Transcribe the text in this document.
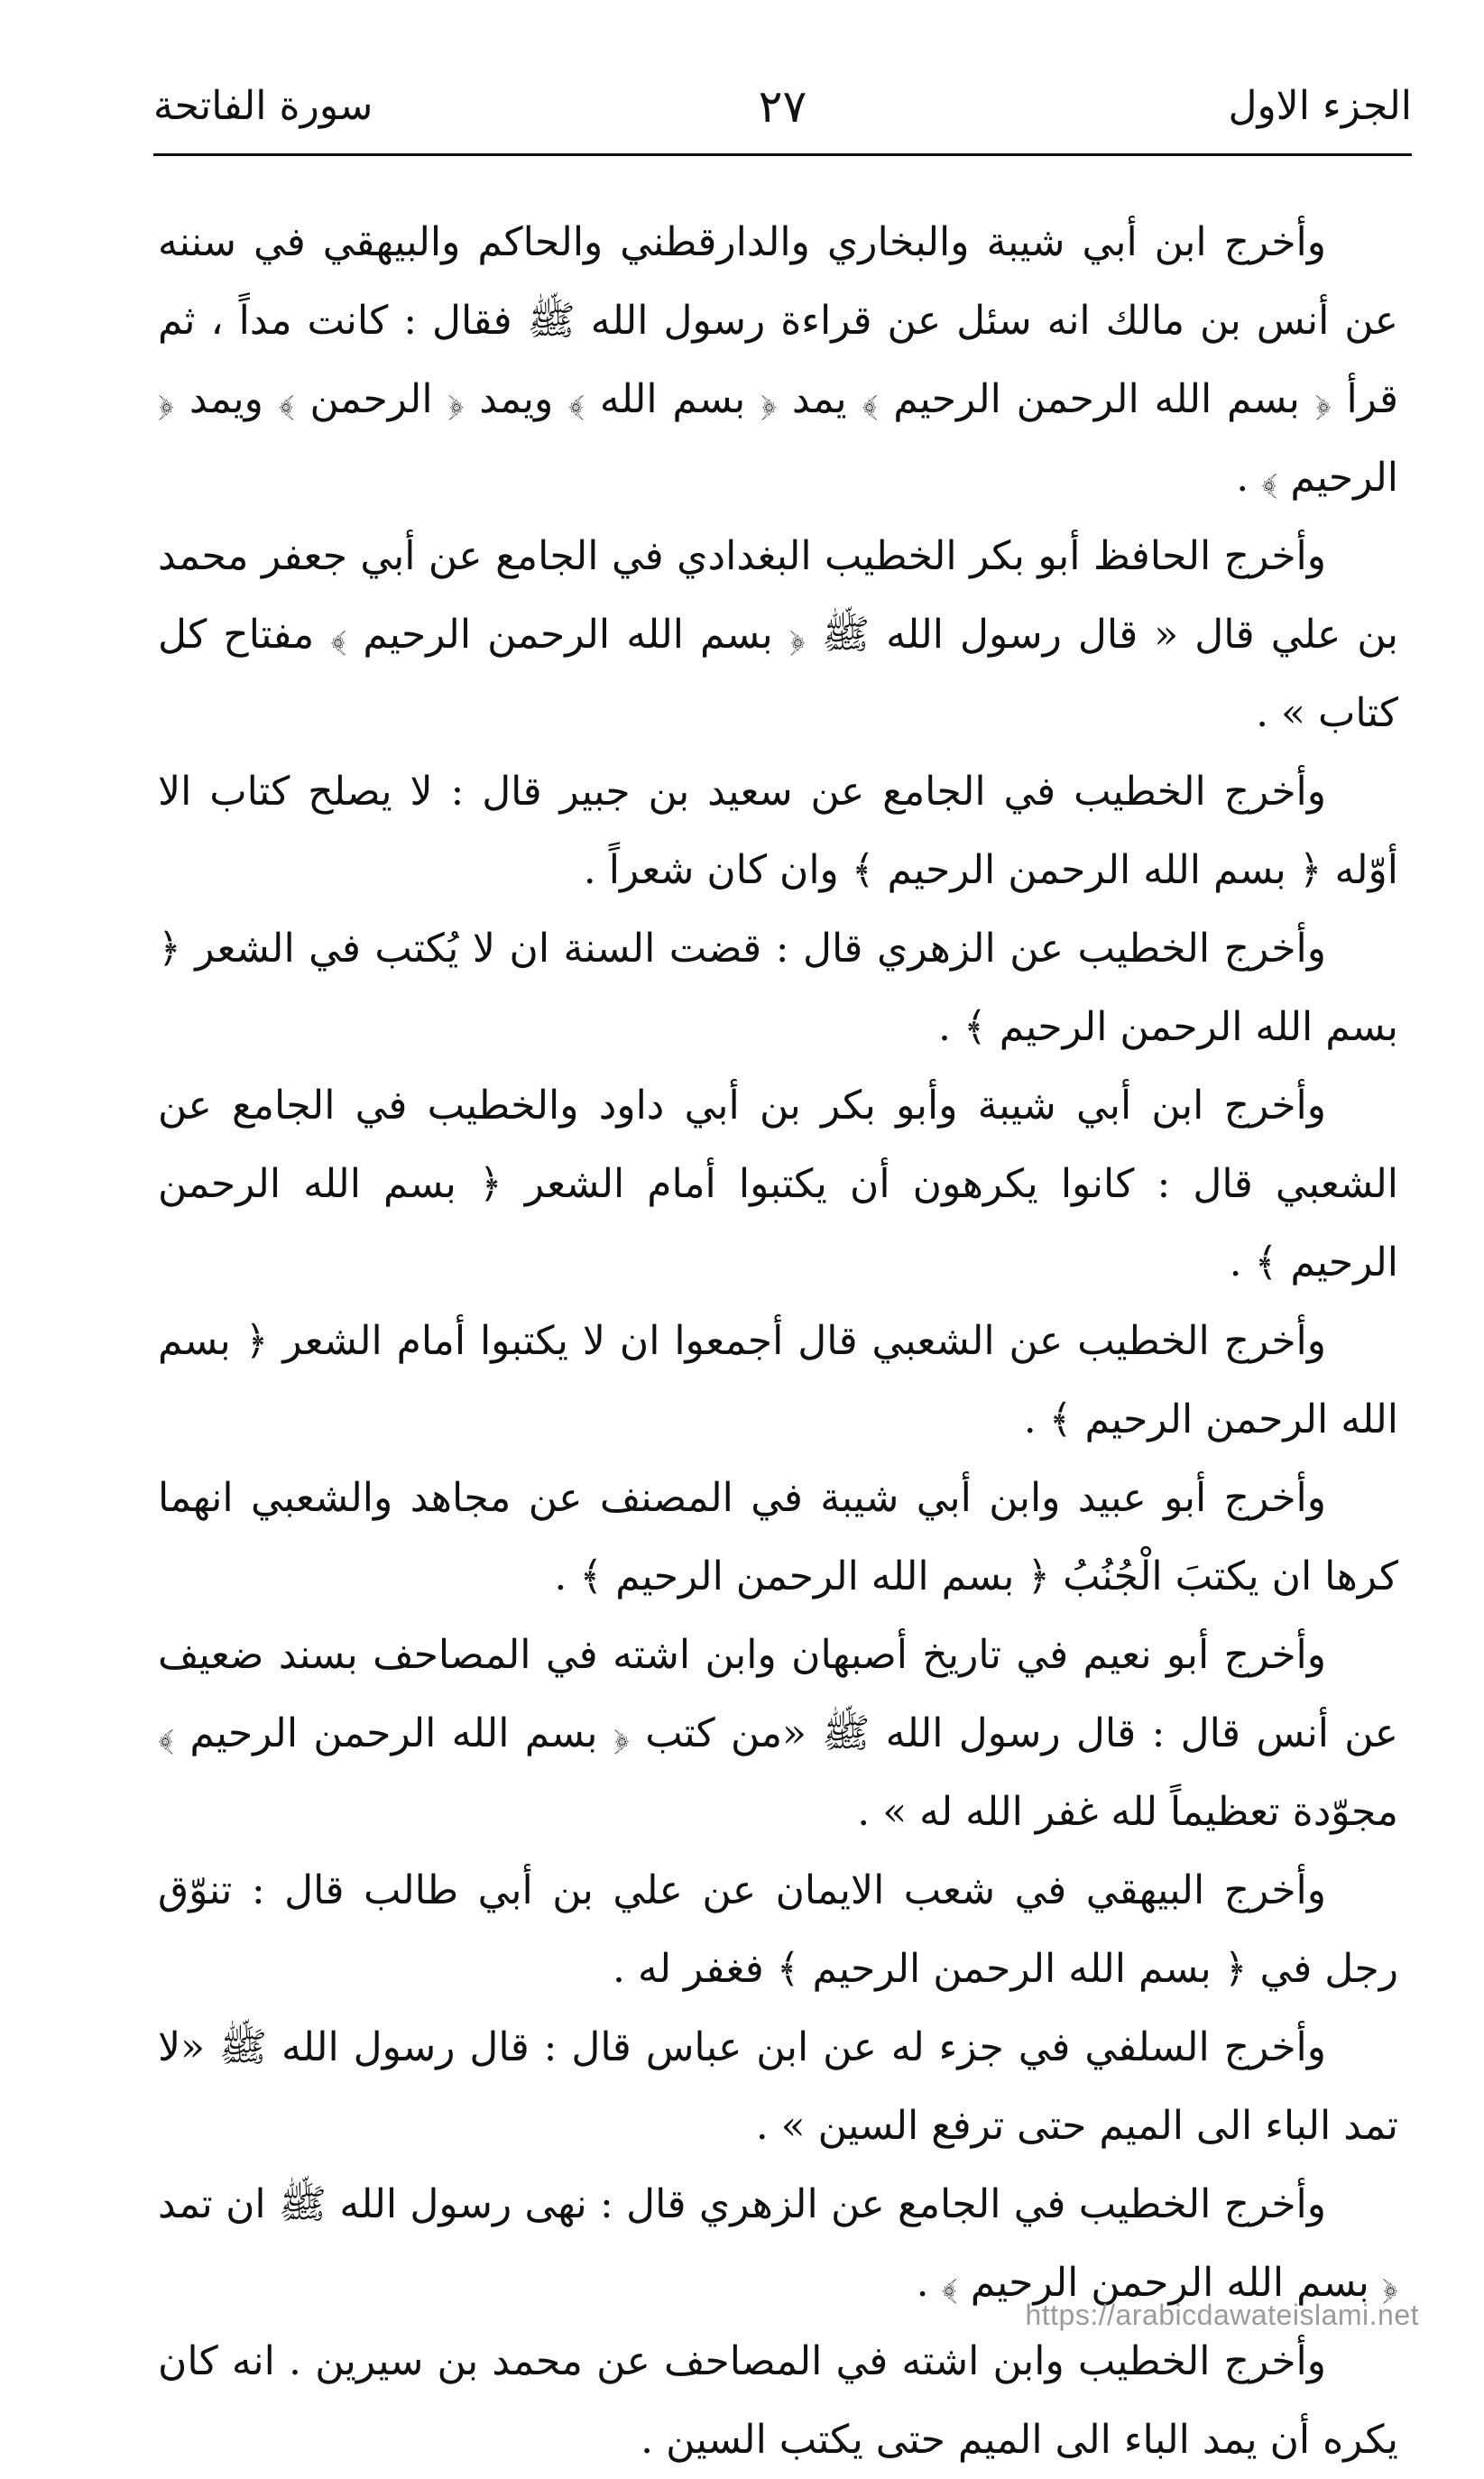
الجزء الاول
٢٧
سورة الفاتحة

وأخرج ابن أبي شيبة والبخاري والدارقطني والحاكم والبيهقي في سننه عن أنس بن مالك انه سئل عن قراءة رسول الله ﷺ فقال : كانت مداً ، ثم قرأ ﴿ بسم الله الرحمن الرحيم ﴾ يمد ﴿ بسم الله ﴾ ويمد ﴿ الرحمن ﴾ ويمد ﴿ الرحيم ﴾ .

وأخرج الحافظ أبو بكر الخطيب البغدادي في الجامع عن أبي جعفر محمد بن علي قال « قال رسول الله ﷺ ﴿ بسم الله الرحمن الرحيم ﴾ مفتاح كل كتاب » .

وأخرج الخطيب في الجامع عن سعيد بن جبير قال : لا يصلح كتاب الا أوّله ﴿ بسم الله الرحمن الرحيم ﴾ وان كان شعراً .

وأخرج الخطيب عن الزهري قال : قضت السنة ان لا يُكتب في الشعر ﴿ بسم الله الرحمن الرحيم ﴾ .

وأخرج ابن أبي شيبة وأبو بكر بن أبي داود والخطيب في الجامع عن الشعبي قال : كانوا يكرهون أن يكتبوا أمام الشعر ﴿ بسم الله الرحمن الرحيم ﴾ .

وأخرج الخطيب عن الشعبي قال أجمعوا ان لا يكتبوا أمام الشعر ﴿ بسم الله الرحمن الرحيم ﴾ .

وأخرج أبو عبيد وابن أبي شيبة في المصنف عن مجاهد والشعبي انهما كرها ان يكتبَ الْجُنُبُ ﴿ بسم الله الرحمن الرحيم ﴾ .

وأخرج أبو نعيم في تاريخ أصبهان وابن اشته في المصاحف بسند ضعيف عن أنس قال : قال رسول الله ﷺ «من كتب ﴿ بسم الله الرحمن الرحيم ﴾ مجوّدة تعظيماً لله غفر الله له » .

وأخرج البيهقي في شعب الايمان عن علي بن أبي طالب قال : تنوّق رجل في ﴿ بسم الله الرحمن الرحيم ﴾ فغفر له .

وأخرج السلفي في جزء له عن ابن عباس قال : قال رسول الله ﷺ «لا تمد الباء الى الميم حتى ترفع السين » .

وأخرج الخطيب في الجامع عن الزهري قال : نهى رسول الله ﷺ ان تمد ﴿ بسم الله الرحمن الرحيم ﴾ .

وأخرج الخطيب وابن اشته في المصاحف عن محمد بن سيرين . انه كان يكره أن يمد الباء الى الميم حتى يكتب السين .

https://arabicdawateislami.net
